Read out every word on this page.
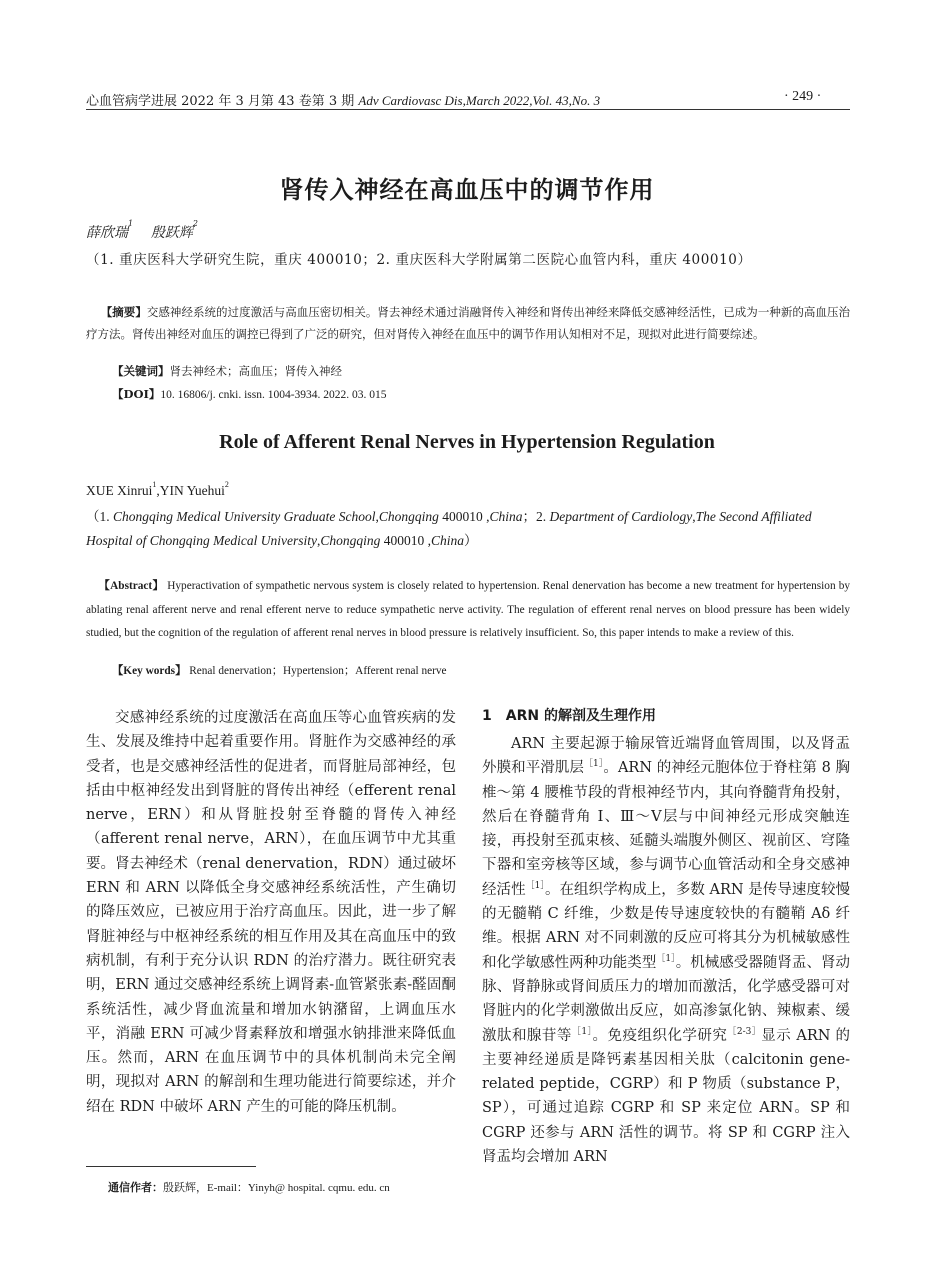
心血管病学进展 2022 年 3 月第 43 卷第 3 期 Adv Cardiovasc Dis,March 2022,Vol. 43,No. 3	· 249 ·
肾传入神经在高血压中的调节作用
薛欣瑞$^1$    殷跃辉$^2$
（1. 重庆医科大学研究生院，重庆 400010；2. 重庆医科大学附属第二医院心血管内科，重庆 400010）
【摘要】交感神经系统的过度激活与高血压密切相关。肾去神经术通过消融肾传入神经和肾传出神经来降低交感神经活性，已成为一种新的高血压治疗方法。肾传出神经对血压的调控已得到了广泛的研究，但对肾传入神经在血压中的调节作用认知相对不足，现拟对此进行简要综述。
【关键词】肾去神经术；高血压；肾传入神经
【DOI】10. 16806/j. cnki. issn. 1004-3934. 2022. 03. 015
Role of Afferent Renal Nerves in Hypertension Regulation
XUE Xinrui$^1$,YIN Yuehui$^2$
（1. Chongqing Medical University Graduate School,Chongqing 400010 ,China；2. Department of Cardiology,The Second Affiliated Hospital of Chongqing Medical University,Chongqing 400010 ,China）
【Abstract】 Hyperactivation of sympathetic nervous system is closely related to hypertension. Renal denervation has become a new treatment for hypertension by ablating renal afferent nerve and renal efferent nerve to reduce sympathetic nerve activity. The regulation of efferent renal nerves on blood pressure has been widely studied, but the cognition of the regulation of afferent renal nerves in blood pressure is relatively insufficient. So, this paper intends to make a review of this.
【Key words】 Renal denervation；Hypertension；Afferent renal nerve
交感神经系统的过度激活在高血压等心血管疾病的发生、发展及维持中起着重要作用。肾脏作为交感神经的承受者，也是交感神经活性的促进者，而肾脏局部神经，包括由中枢神经发出到肾脏的肾传出神经（efferent renal nerve，ERN）和从肾脏投射至脊髓的肾传入神经（afferent renal nerve，ARN），在血压调节中尤其重要。肾去神经术（renal denervation，RDN）通过破坏 ERN 和 ARN 以降低全身交感神经系统活性，产生确切的降压效应，已被应用于治疗高血压。因此，进一步了解肾脏神经与中枢神经系统的相互作用及其在高血压中的致病机制，有利于充分认识 RDN 的治疗潜力。既往研究表明，ERN 通过交感神经系统上调肾素-血管紧张素-醛固酮系统活性，减少肾血流量和增加水钠潴留，上调血压水平，消融 ERN 可减少肾素释放和增强水钠排泄来降低血压。然而，ARN 在血压调节中的具体机制尚未完全阐明，现拟对 ARN 的解剖和生理功能进行简要综述，并介绍在 RDN 中破坏 ARN 产生的可能的降压机制。
1　ARN 的解剖及生理作用
ARN 主要起源于输尿管近端肾血管周围，以及肾盂外膜和平滑肌层$^{[1]}$。ARN 的神经元胞体位于脊柱第 8 胸椎～第 4 腰椎节段的背根神经节内，其向脊髓背角投射，然后在脊髓背角 Ⅰ、Ⅲ～Ⅴ层与中间神经元形成突触连接，再投射至孤束核、延髓头端腹外侧区、视前区、穹隆下器和室旁核等区域，参与调节心血管活动和全身交感神经活性$^{[1]}$。在组织学构成上，多数 ARN 是传导速度较慢的无髓鞘 C 纤维，少数是传导速度较快的有髓鞘 Aδ 纤维。根据 ARN 对不同刺激的反应可将其分为机械敏感性和化学敏感性两种功能类型$^{[1]}$。机械感受器随肾盂、肾动脉、肾静脉或肾间质压力的增加而激活，化学感受器可对肾脏内的化学刺激做出反应，如高渗氯化钠、辣椒素、缓激肽和腺苷等$^{[1]}$。免疫组织化学研究$^{[2-3]}$显示 ARN 的主要神经递质是降钙素基因相关肽（calcitonin gene-related peptide，CGRP）和 P 物质（substance P，SP），可通过追踪 CGRP 和 SP 来定位 ARN。SP 和 CGRP 还参与 ARN 活性的调节。将 SP 和 CGRP 注入肾盂均会增加 ARN
通信作者：殷跃辉，E-mail：Yinyh@ hospital. cqmu. edu. cn
